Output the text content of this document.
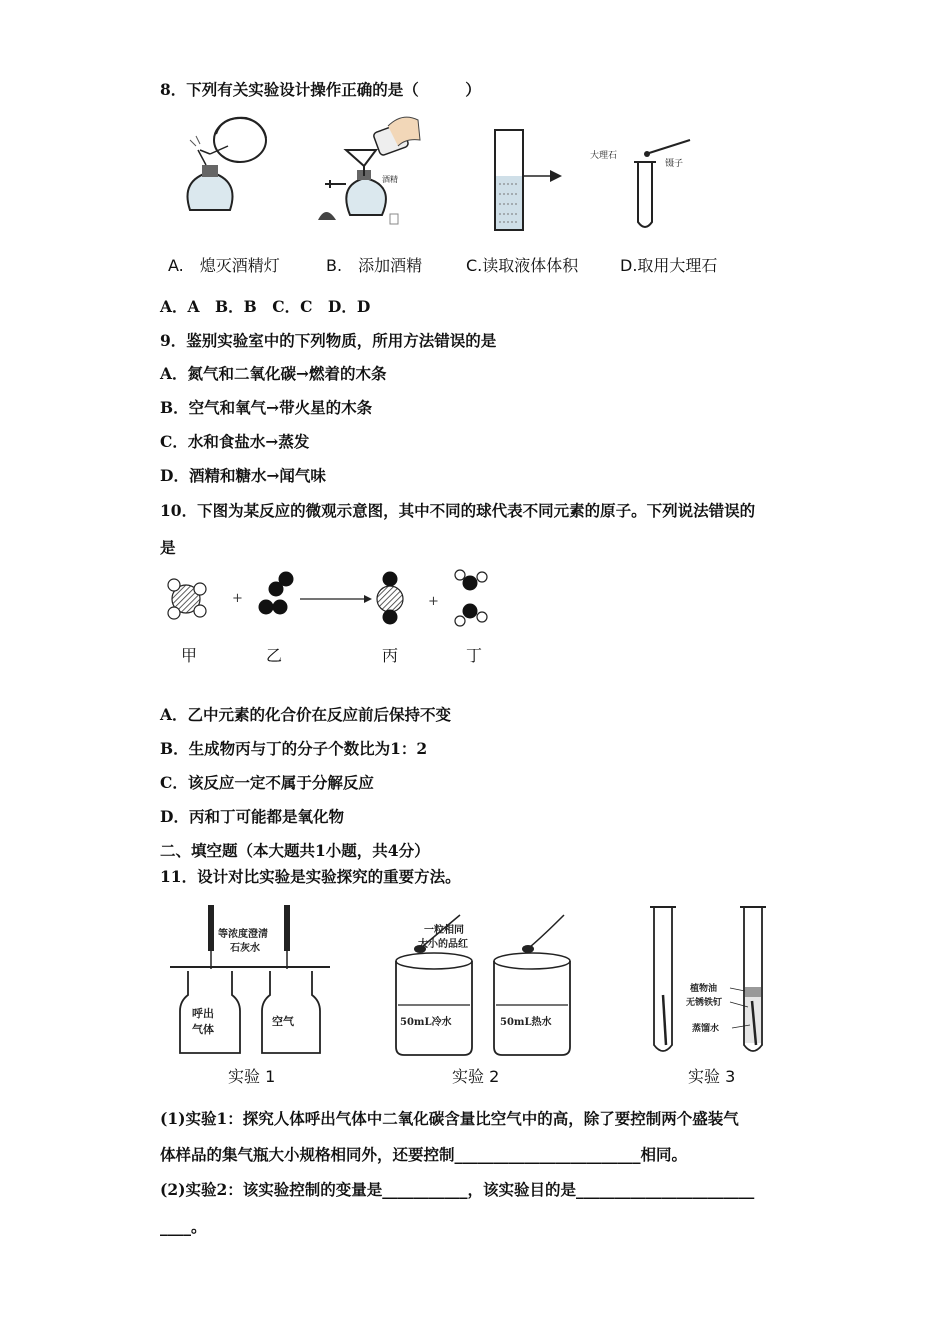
8．下列有关实验设计操作正确的是（　　　）
酒精
大理石
镊子
A.　熄灭酒精灯	B.　添加酒精	C.读取液体体积	D.取用大理石
A．A　B．B　C．C　D．D
9．鉴别实验室中的下列物质，所用方法错误的是
A．氮气和二氧化碳→燃着的木条
B．空气和氧气→带火星的木条
C．水和食盐水→蒸发
D．酒精和糖水→闻气味
10．下图为某反应的微观示意图，其中不同的球代表不同元素的原子。下列说法错误的
是
+	+
甲	乙	丙	丁
A．乙中元素的化合价在反应前后保持不变
B．生成物丙与丁的分子个数比为1：2
C．该反应一定不属于分解反应
D．丙和丁可能都是氧化物
二、填空题（本大题共1小题，共4分）
11．设计对比实验是实验探究的重要方法。
等浓度澄清
石灰水
呼出
气体
空气
一粒相同
大小的品红
50mL冷水	50mL热水
植物油
无锈铁钉
蒸馏水
实验 1	实验 2	实验 3
(1)实验1：探究人体呼出气体中二氧化碳含量比空气中的高，除了要控制两个盛装气
体样品的集气瓶大小规格相同外，还要控制________________________相同。
(2)实验2：该实验控制的变量是___________，该实验目的是_______________________
____。
